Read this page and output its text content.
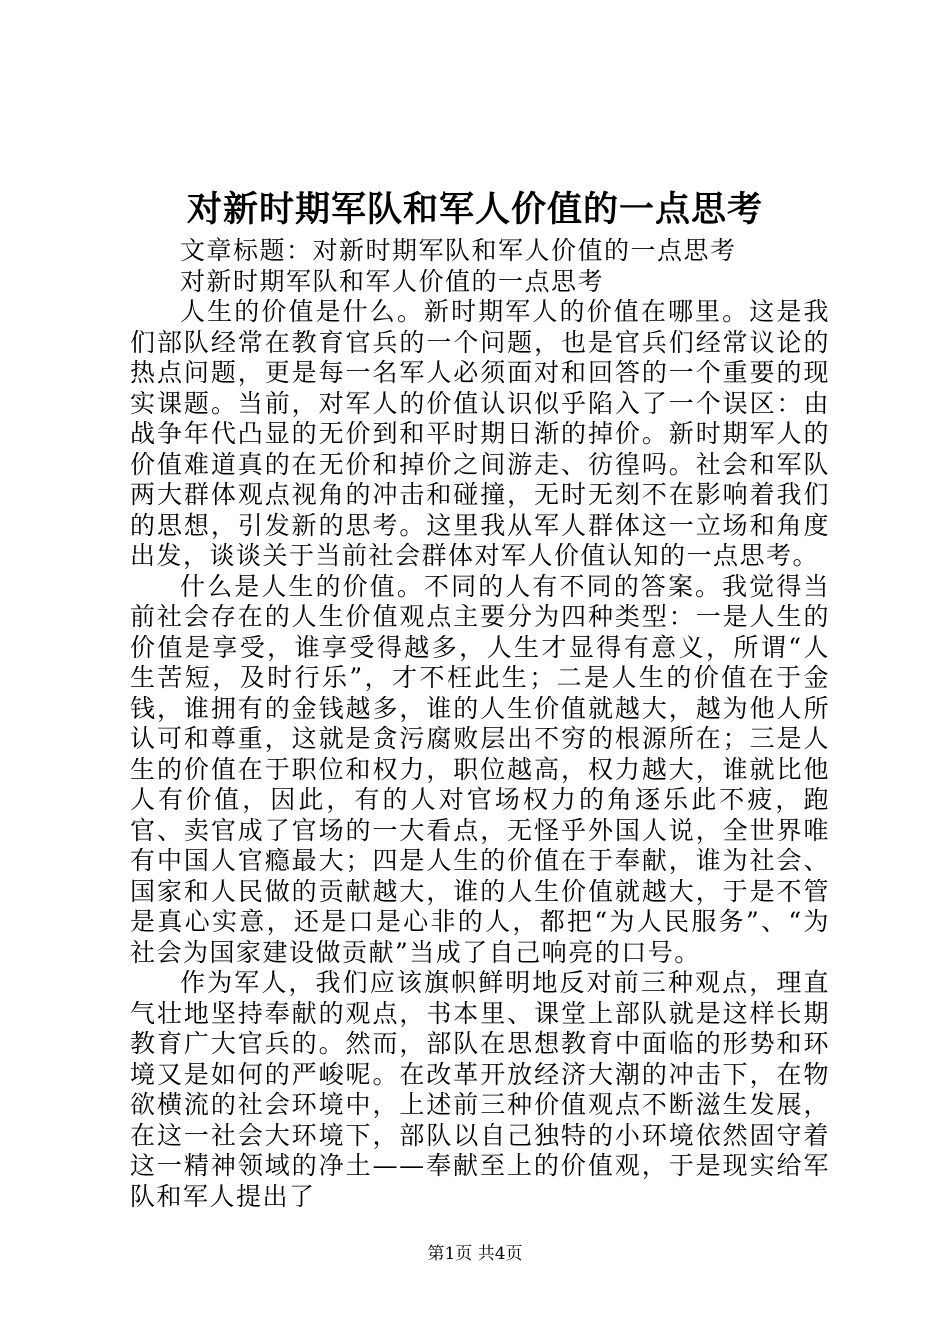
对新时期军队和军人价值的一点思考

文章标题：对新时期军队和军人价值的一点思考

对新时期军队和军人价值的一点思考

人生的价值是什么。新时期军人的价值在哪里。这是我们部队经常在教育官兵的一个问题，也是官兵们经常议论的热点问题，更是每一名军人必须面对和回答的一个重要的现实课题。当前，对军人的价值认识似乎陷入了一个误区：由战争年代凸显的无价到和平时期日渐的掉价。新时期军人的价值难道真的在无价和掉价之间游走、彷徨吗。社会和军队两大群体观点视角的冲击和碰撞，无时无刻不在影响着我们的思想，引发新的思考。这里我从军人群体这一立场和角度出发，谈谈关于当前社会群体对军人价值认知的一点思考。

什么是人生的价值。不同的人有不同的答案。我觉得当前社会存在的人生价值观点主要分为四种类型：一是人生的价值是享受，谁享受得越多，人生才显得有意义，所谓“人生苦短，及时行乐”，才不枉此生；二是人生的价值在于金钱，谁拥有的金钱越多，谁的人生价值就越大，越为他人所认可和尊重，这就是贪污腐败层出不穷的根源所在；三是人生的价值在于职位和权力，职位越高，权力越大，谁就比他人有价值，因此，有的人对官场权力的角逐乐此不疲，跑官、卖官成了官场的一大看点，无怪乎外国人说，全世界唯有中国人官瘾最大；四是人生的价值在于奉献，谁为社会、国家和人民做的贡献越大，谁的人生价值就越大，于是不管是真心实意，还是口是心非的人，都把“为人民服务”、“为社会为国家建设做贡献”当成了自己响亮的口号。

作为军人，我们应该旗帜鲜明地反对前三种观点，理直气壮地坚持奉献的观点，书本里、课堂上部队就是这样长期教育广大官兵的。然而，部队在思想教育中面临的形势和环境又是如何的严峻呢。在改革开放经济大潮的冲击下，在物欲横流的社会环境中，上述前三种价值观点不断滋生发展，在这一社会大环境下，部队以自己独特的小环境依然固守着这一精神领域的净土——奉献至上的价值观，于是现实给军队和军人提出了

第1页 共4页
